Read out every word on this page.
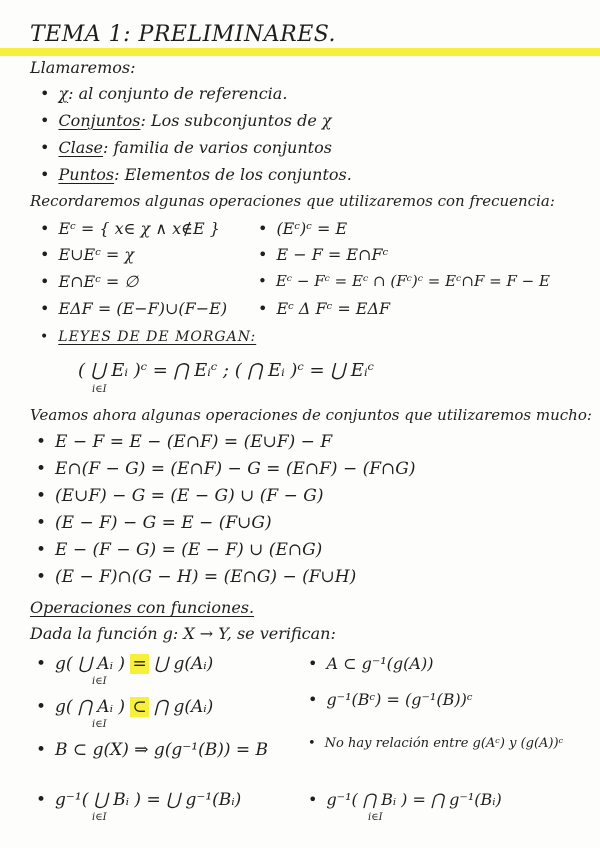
TEMA 1: PRELIMINARES.
Llamaremos:
• χ: al conjunto de referencia.
• Conjuntos: Los subconjuntos de χ
• Clase: familia de varios conjuntos
• Puntos: Elementos de los conjuntos.
Recordaremos algunas operaciones que utilizaremos con frecuencia:
• Eᶜ = { x∈ χ ∧ x∉E }
• E∪Eᶜ = χ
• E∩Eᶜ = ∅
• EΔF = (E−F)∪(F−E)
• (Eᶜ)ᶜ = E
• E − F = E∩Fᶜ
• Eᶜ − Fᶜ = Eᶜ ∩ (Fᶜ)ᶜ = Eᶜ∩F = F − E
• Eᶜ Δ Fᶜ = EΔF
• LEYES DE DE MORGAN:
( ⋃ Eᵢ )ᶜ = ⋂ Eᵢᶜ ; ( ⋂ Eᵢ )ᶜ = ⋃ Eᵢᶜ
i∈I
Veamos ahora algunas operaciones de conjuntos que utilizaremos mucho:
• E − F = E − (E∩F) = (E∪F) − F
• E∩(F − G) = (E∩F) − G = (E∩F) − (F∩G)
• (E∪F) − G = (E − G) ∪ (F − G)
• (E − F) − G = E − (F∪G)
• E − (F − G) = (E − F) ∪ (E∩G)
• (E − F)∩(G − H) = (E∩G) − (F∪H)
Operaciones con funciones.
Dada la función g: X → Y, se verifican:
• g( ⋃ Aᵢ ) = ⋃ g(Aᵢ)
i∈I
• g( ⋂ Aᵢ ) ⊂ ⋂ g(Aᵢ)
i∈I
• B ⊂ g(X) ⇒ g(g⁻¹(B)) = B
• g⁻¹( ⋃ Bᵢ ) = ⋃ g⁻¹(Bᵢ)
i∈I
• A ⊂ g⁻¹(g(A))
• g⁻¹(Bᶜ) = (g⁻¹(B))ᶜ
• No hay relación entre g(Aᶜ) y (g(A))ᶜ
• g⁻¹( ⋂ Bᵢ ) = ⋂ g⁻¹(Bᵢ)
i∈I
